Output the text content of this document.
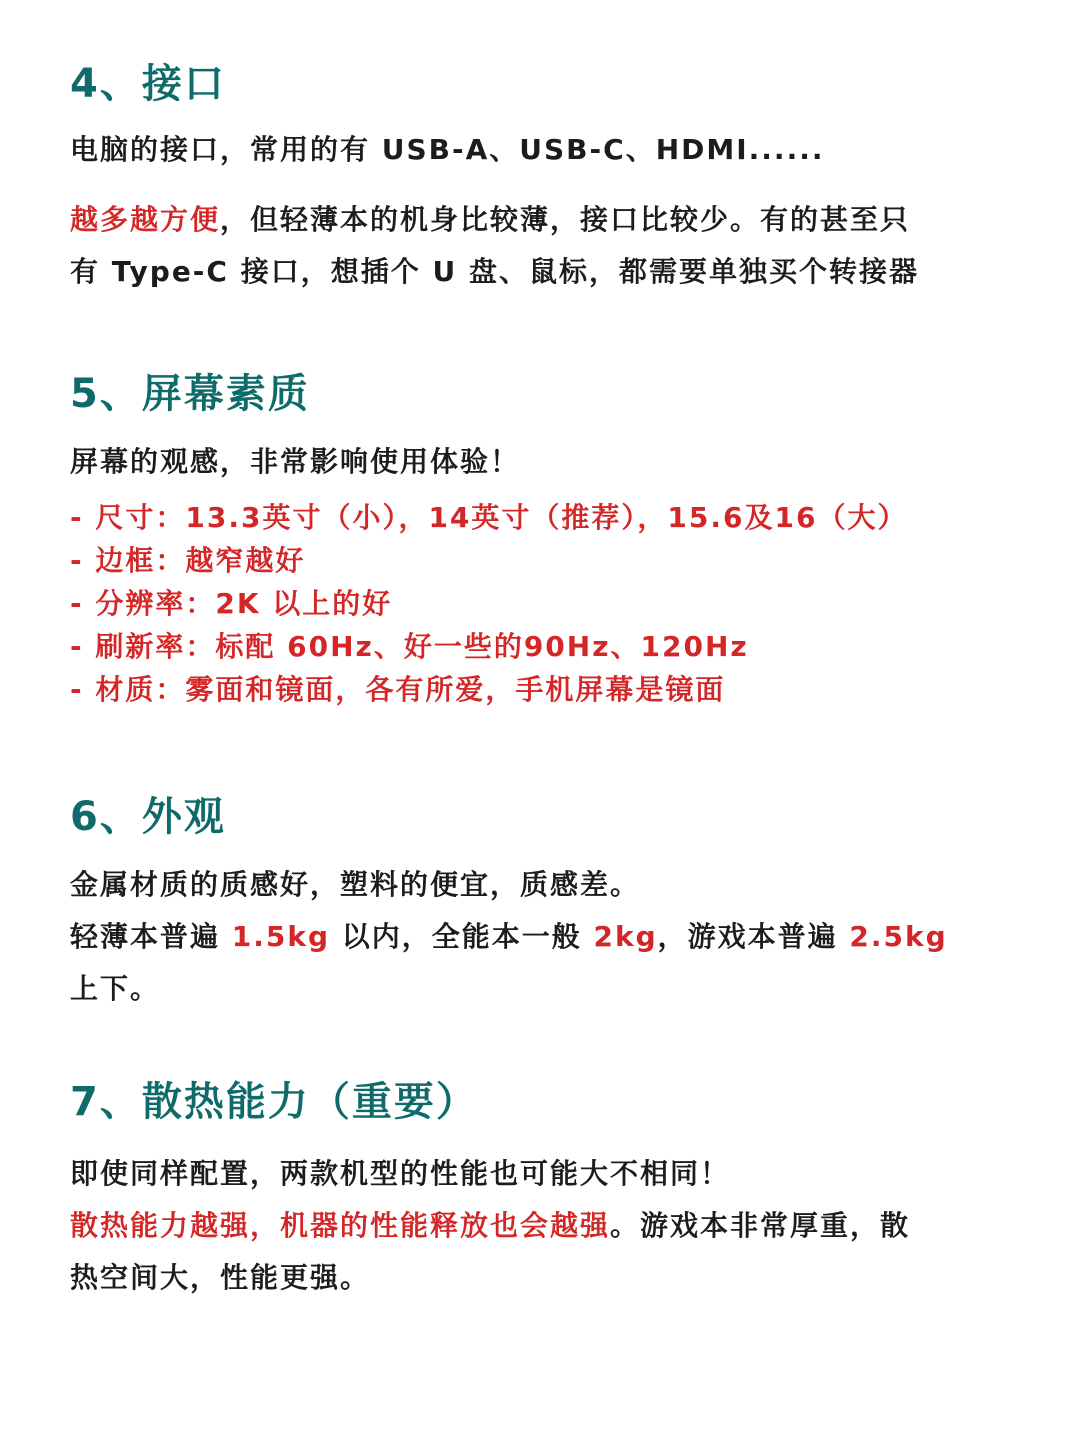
4、接口

电脑的接口，常用的有 USB-A、USB-C、HDMI......

越多越方便，但轻薄本的机身比较薄，接口比较少。有的甚至只

有 Type-C 接口，想插个 U 盘、鼠标，都需要单独买个转接器

5、屏幕素质

屏幕的观感，非常影响使用体验！

- 尺寸：13.3英寸（小），14英寸（推荐），15.6及16（大）
- 边框：越窄越好
- 分辨率：2K 以上的好
- 刷新率：标配 60Hz、好一些的90Hz、120Hz
- 材质：雾面和镜面，各有所爱，手机屏幕是镜面
6、外观

金属材质的质感好，塑料的便宜，质感差。

轻薄本普遍 1.5kg 以内，全能本一般 2kg，游戏本普遍 2.5kg

上下。

7、散热能力（重要）

即使同样配置，两款机型的性能也可能大不相同！

散热能力越强，机器的性能释放也会越强。游戏本非常厚重，散

热空间大，性能更强。
